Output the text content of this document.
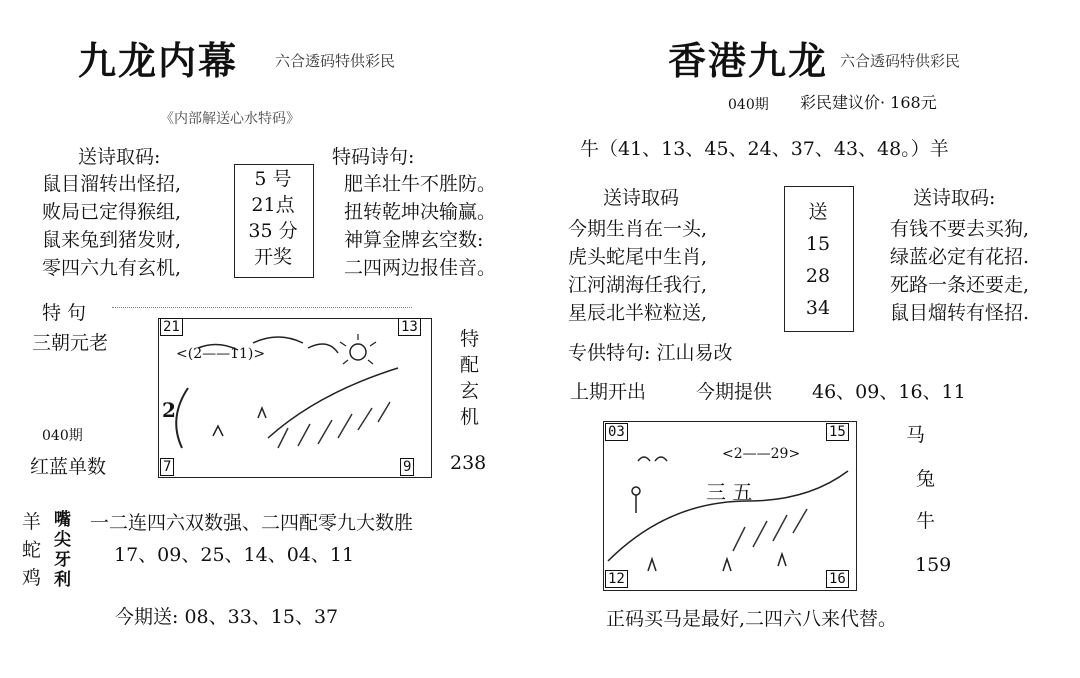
九龙内幕 六合透码特供彩民
《内部解送心水特码》
送诗取码:
鼠目溜转出怪招,
败局已定得猴组,
鼠来兔到猪发财,
零四六九有玄机,
5 号
21点
35 分
开奖
特码诗句:
肥羊壮牛不胜防。
扭转乾坤决输赢。
神算金牌玄空数:
二四两边报佳音。
特 句
三朝元老	<(2——11)>
2
21	13
7	9
特
配
玄
机
040期
红蓝单数	238
羊
蛇
鸡
嘴
尖
牙
利
一二连四六双数强、二四配零九大数胜
17、09、25、14、04、11
今期送: 08、33、15、37
香港九龙 六合透码特供彩民
040期 彩民建议价· 168元
牛（41、13、45、24、37、43、48。）羊
送诗取码
今期生肖在一头,
虎头蛇尾中生肖,
江河湖海任我行,
星辰北半粒粒送,
送
15
28
34
送诗取码:
有钱不要去买狗,
绿蓝必定有花招.
死路一条还要走,
鼠目熘转有怪招.
专供特句: 江山易改
上期开出	今期提供 46、09、16、11
<2——29>
三 五
03	15
12	16
马
兔
牛
159
正码买马是最好,二四六八来代替。
